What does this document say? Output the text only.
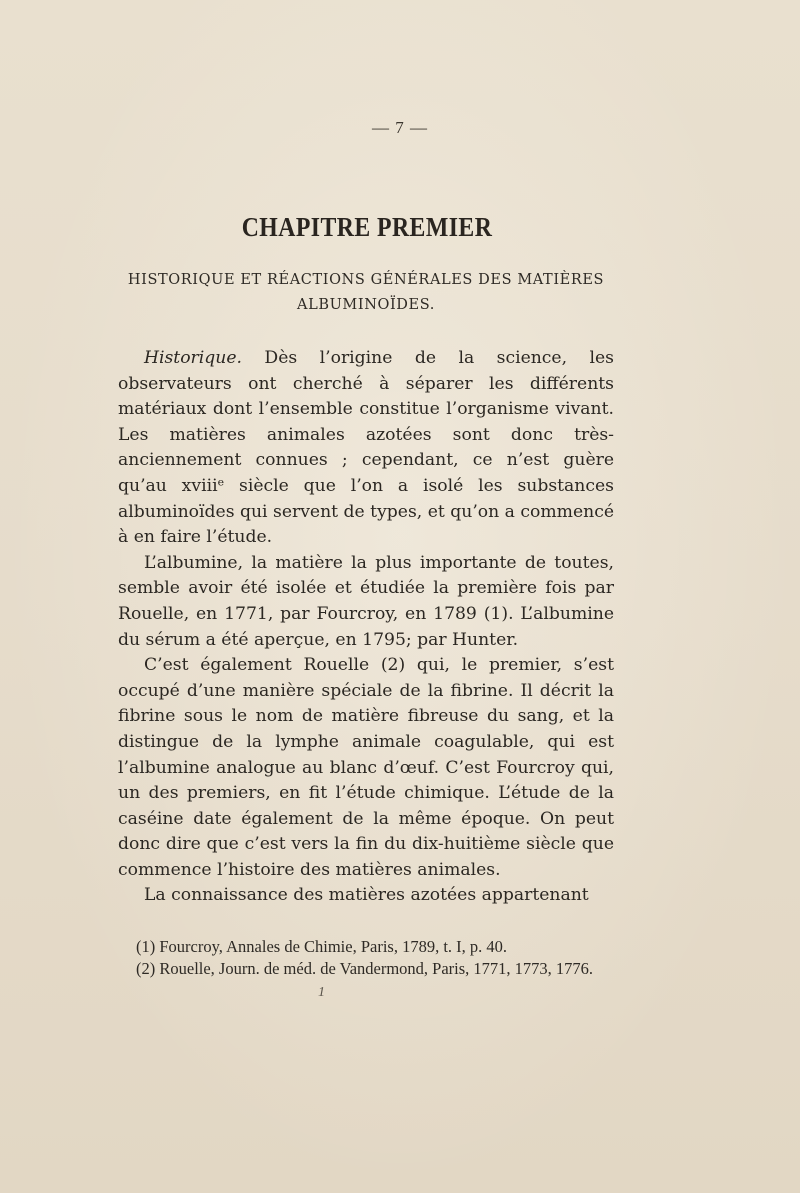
— 7 —
CHAPITRE PREMIER
HISTORIQUE ET RÉACTIONS GÉNÉRALES DES MATIÈRES ALBUMINOÏDES.

Historique. Dès l’origine de la science, les observateurs ont cherché à séparer les différents matériaux dont l’ensemble constitue l’organisme vivant. Les matières animales azotées sont donc très-anciennement connues ; cependant, ce n’est guère qu’au xviiiᵉ siècle que l’on a isolé les substances albuminoïdes qui servent de types, et qu’on a commencé à en faire l’étude.

L’albumine, la matière la plus importante de toutes, semble avoir été isolée et étudiée la première fois par Rouelle, en 1771, par Fourcroy, en 1789 (1). L’albumine du sérum a été aperçue, en 1795; par Hunter.

C’est également Rouelle (2) qui, le premier, s’est occupé d’une manière spéciale de la fibrine. Il décrit la fibrine sous le nom de matière fibreuse du sang, et la distingue de la lymphe animale coagulable, qui est l’albumine analogue au blanc d’œuf. C’est Fourcroy qui, un des premiers, en fit l’étude chimique. L’étude de la caséine date également de la même époque. On peut donc dire que c’est vers la fin du dix-huitième siècle que commence l’histoire des matières animales.

La connaissance des matières azotées appartenant

(1) Fourcroy, Annales de Chimie, Paris, 1789, t. I, p. 40.

(2) Rouelle, Journ. de méd. de Vandermond, Paris, 1771, 1773, 1776.

1
